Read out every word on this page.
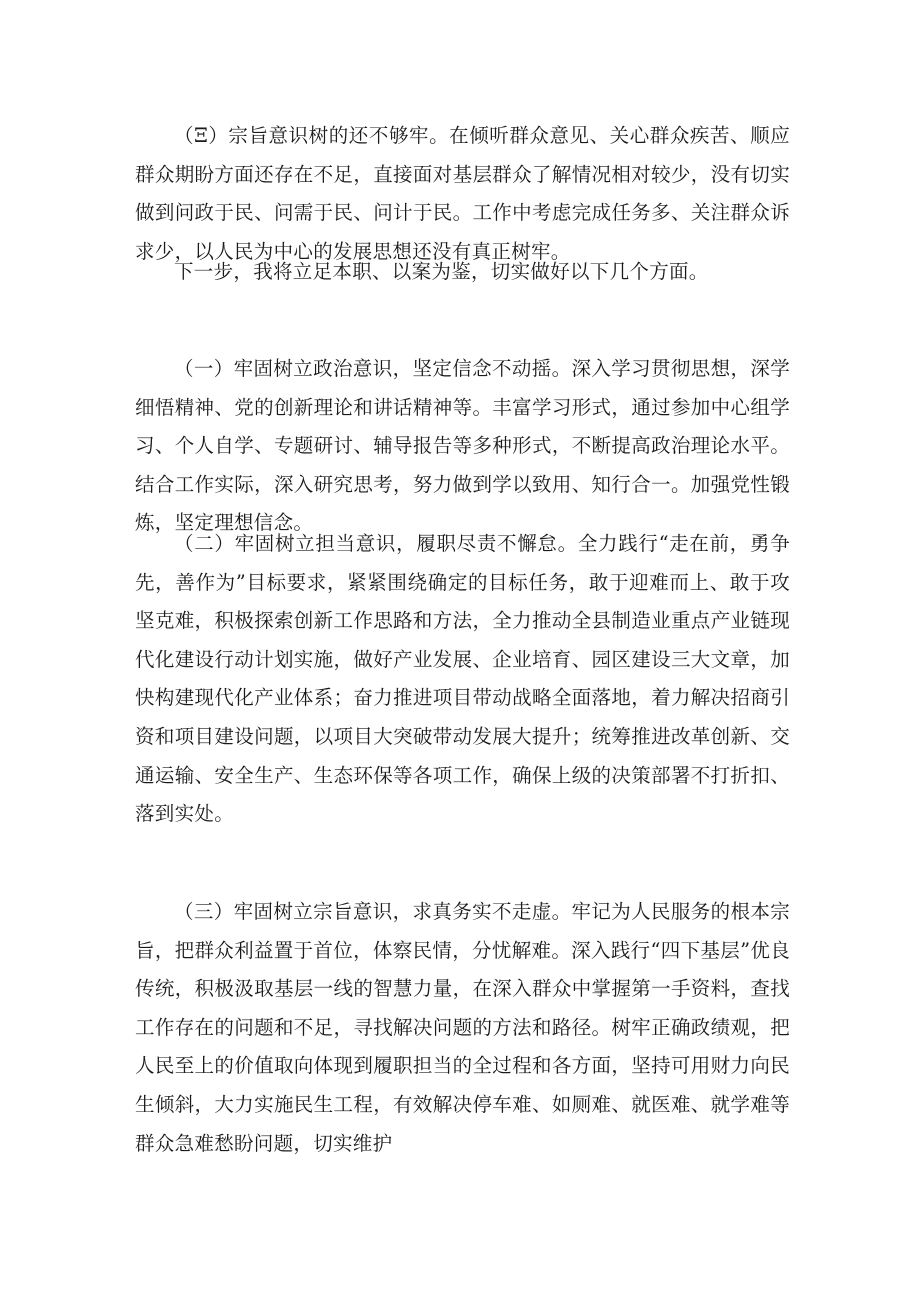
（Ξ）宗旨意识树的还不够牢。在倾听群众意见、关心群众疾苦、顺应群众期盼方面还存在不足，直接面对基层群众了解情况相对较少，没有切实做到问政于民、问需于民、问计于民。工作中考虑完成任务多、关注群众诉求少，以人民为中心的发展思想还没有真正树牢。

下一步，我将立足本职、以案为鉴，切实做好以下几个方面。

（一）牢固树立政治意识，坚定信念不动摇。深入学习贯彻思想，深学细悟精神、党的创新理论和讲话精神等。丰富学习形式，通过参加中心组学习、个人自学、专题研讨、辅导报告等多种形式，不断提高政治理论水平。结合工作实际，深入研究思考，努力做到学以致用、知行合一。加强党性锻炼，坚定理想信念。

（二）牢固树立担当意识，履职尽责不懈怠。全力践行“走在前，勇争先，善作为”目标要求，紧紧围绕确定的目标任务，敢于迎难而上、敢于攻坚克难，积极探索创新工作思路和方法，全力推动全县制造业重点产业链现代化建设行动计划实施，做好产业发展、企业培育、园区建设三大文章，加快构建现代化产业体系；奋力推进项目带动战略全面落地，着力解决招商引资和项目建设问题，以项目大突破带动发展大提升；统筹推进改革创新、交通运输、安全生产、生态环保等各项工作，确保上级的决策部署不打折扣、落到实处。

（三）牢固树立宗旨意识，求真务实不走虚。牢记为人民服务的根本宗旨，把群众利益置于首位，体察民情，分忧解难。深入践行“四下基层”优良传统，积极汲取基层一线的智慧力量，在深入群众中掌握第一手资料，查找工作存在的问题和不足，寻找解决问题的方法和路径。树牢正确政绩观，把人民至上的价值取向体现到履职担当的全过程和各方面，坚持可用财力向民生倾斜，大力实施民生工程，有效解决停车难、如厕难、就医难、就学难等群众急难愁盼问题，切实维护
